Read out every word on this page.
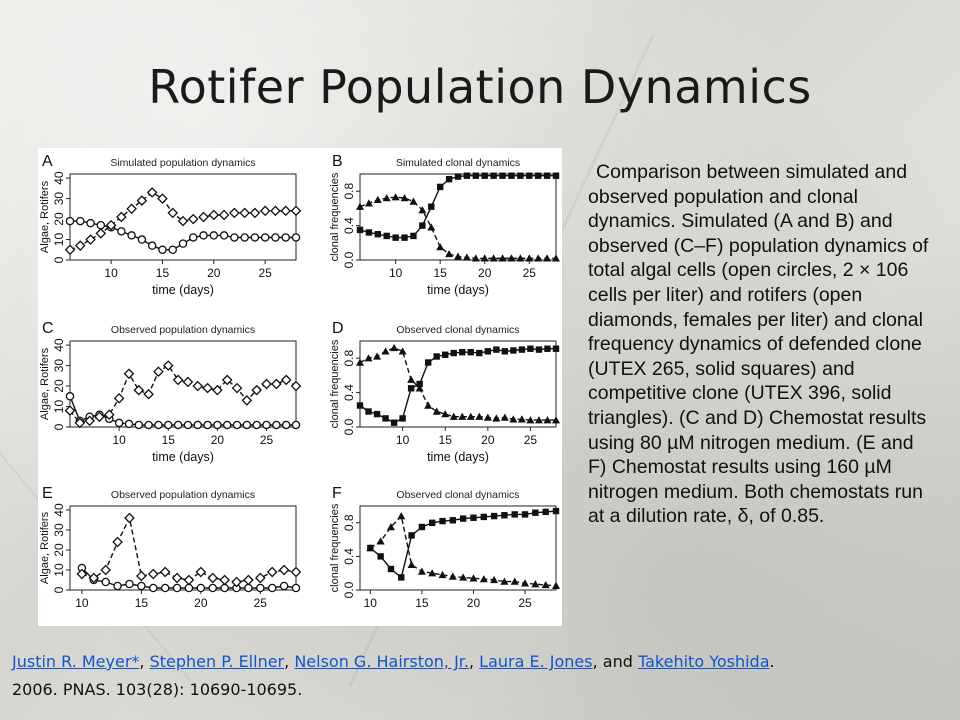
Rotifer Population Dynamics
A	Simulated population dynamics
0
10
20
30
40
10	15	20	25
time (days)
Algae, Rotifers
B	Simulated clonal dynamics
0.0
0.4
0.8
10	15	20	25
time (days)
clonal frequencies
C	Observed population dynamics
0
10
20
30
40
10	15	20	25
time (days)
Algae, Rotifers
D	Observed clonal dynamics
0.0
0.4
0.8
10 15 20 25
time (days)
clonal frequencies
E	Observed population dynamics
0
10
20
30
40
10	15	20	25
Algae, Rotifers
F	Observed clonal dynamics
0.0
0.4
0.8
10	15	20	25
clonal frequencies
Comparison between simulated and observed population and clonal dynamics. Simulated (A and B) and observed (C–F) population dynamics of total algal cells (open circles, 2 × 106 cells per liter) and rotifers (open diamonds, females per liter) and clonal frequency dynamics of defended clone (UTEX 265, solid squares) and competitive clone (UTEX 396, solid triangles). (C and D) Chemostat results using 80 µM nitrogen medium. (E and F) Chemostat results using 160 µM nitrogen medium. Both chemostats run at a dilution rate, δ, of 0.85.
Justin R. Meyer*, Stephen P. Ellner, Nelson G. Hairston, Jr., Laura E. Jones, and Takehito Yoshida.
2006. PNAS. 103(28): 10690-10695.
